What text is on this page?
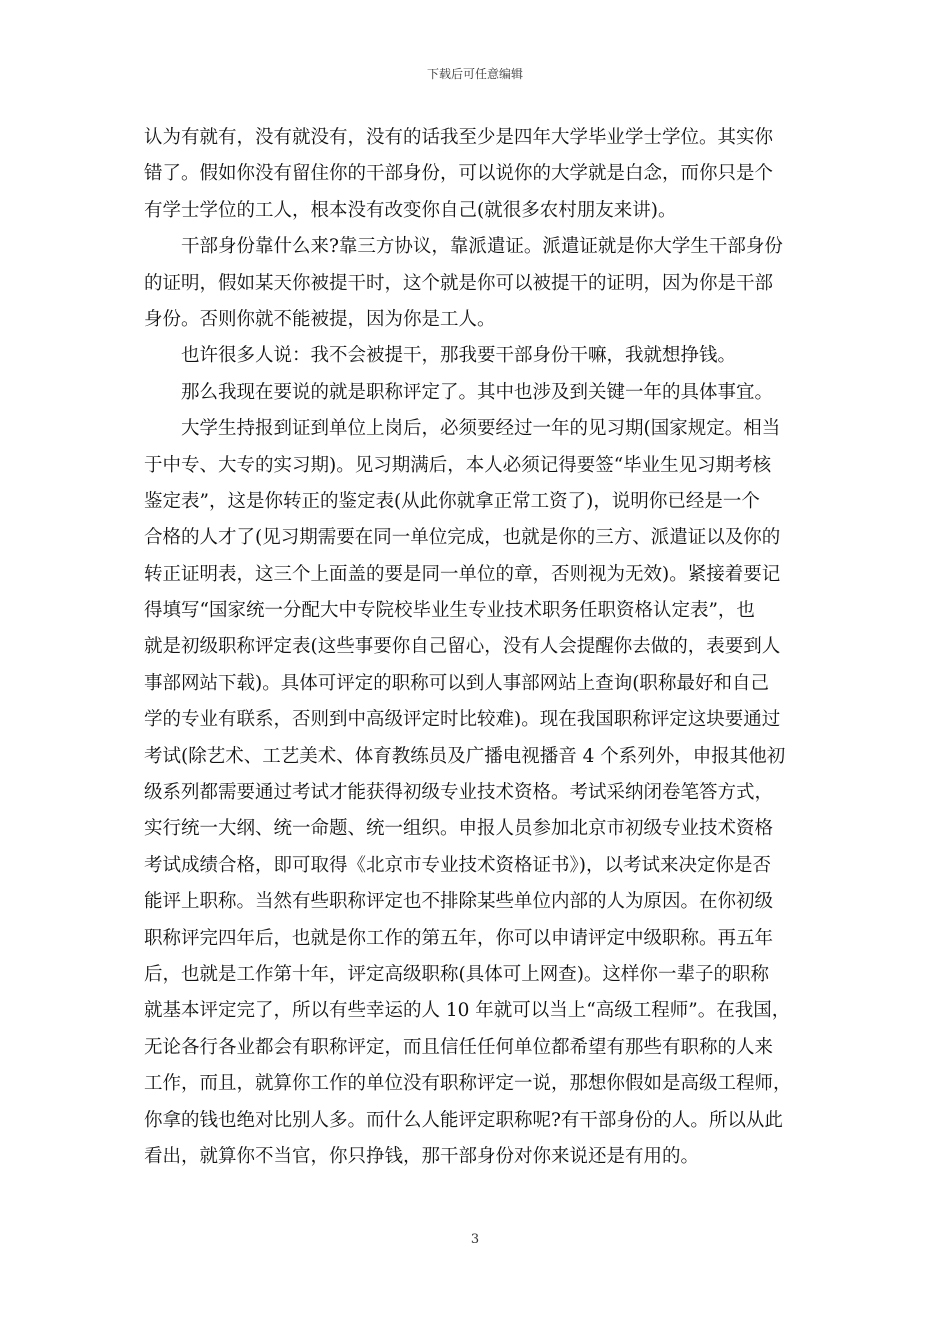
下载后可任意编辑
认为有就有，没有就没有，没有的话我至少是四年大学毕业学士学位。其实你
错了。假如你没有留住你的干部身份，可以说你的大学就是白念，而你只是个
有学士学位的工人，根本没有改变你自己(就很多农村朋友来讲)。
干部身份靠什么来?靠三方协议，靠派遣证。派遣证就是你大学生干部身份
的证明，假如某天你被提干时，这个就是你可以被提干的证明，因为你是干部
身份。否则你就不能被提，因为你是工人。
也许很多人说：我不会被提干，那我要干部身份干嘛，我就想挣钱。
那么我现在要说的就是职称评定了。其中也涉及到关键一年的具体事宜。
大学生持报到证到单位上岗后，必须要经过一年的见习期(国家规定。相当
于中专、大专的实习期)。见习期满后，本人必须记得要签“毕业生见习期考核
鉴定表”，这是你转正的鉴定表(从此你就拿正常工资了)，说明你已经是一个
合格的人才了(见习期需要在同一单位完成，也就是你的三方、派遣证以及你的
转正证明表，这三个上面盖的要是同一单位的章，否则视为无效)。紧接着要记
得填写“国家统一分配大中专院校毕业生专业技术职务任职资格认定表”，也
就是初级职称评定表(这些事要你自己留心，没有人会提醒你去做的，表要到人
事部网站下载)。具体可评定的职称可以到人事部网站上查询(职称最好和自己
学的专业有联系，否则到中高级评定时比较难)。现在我国职称评定这块要通过
考试(除艺术、工艺美术、体育教练员及广播电视播音 4 个系列外，申报其他初
级系列都需要通过考试才能获得初级专业技术资格。考试采纳闭卷笔答方式，
实行统一大纲、统一命题、统一组织。申报人员参加北京市初级专业技术资格
考试成绩合格，即可取得《北京市专业技术资格证书》)，以考试来决定你是否
能评上职称。当然有些职称评定也不排除某些单位内部的人为原因。在你初级
职称评完四年后，也就是你工作的第五年，你可以申请评定中级职称。再五年
后，也就是工作第十年，评定高级职称(具体可上网查)。这样你一辈子的职称
就基本评定完了，所以有些幸运的人 10 年就可以当上“高级工程师”。在我国，
无论各行各业都会有职称评定，而且信任任何单位都希望有那些有职称的人来
工作，而且，就算你工作的单位没有职称评定一说，那想你假如是高级工程师，
你拿的钱也绝对比别人多。而什么人能评定职称呢?有干部身份的人。所以从此
看出，就算你不当官，你只挣钱，那干部身份对你来说还是有用的。
3
